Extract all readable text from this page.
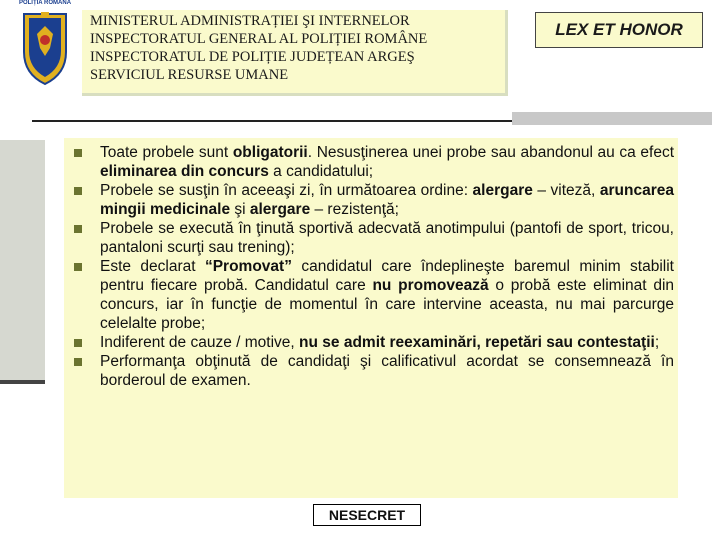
POLIȚIA ROMÂNĂ
MINISTERUL ADMINISTRAȚIEI ŞI INTERNELOR
INSPECTORATUL GENERAL AL POLIȚIEI ROMÂNE
INSPECTORATUL DE POLIȚIE JUDEȚEAN ARGEŞ
SERVICIUL RESURSE UMANE
LEX ET HONOR
Toate probele sunt obligatorii. Nesusţinerea unei probe sau abandonul au ca efect eliminarea din concurs a candidatului;
Probele se susţin în aceeaşi zi, în următoarea ordine: alergare – viteză, aruncarea mingii medicinale şi alergare – rezistenţă;
Probele se execută în ţinută sportivă adecvată anotimpului (pantofi de sport, tricou, pantaloni scurţi sau trening);
Este declarat “Promovat” candidatul care îndeplineşte baremul minim stabilit pentru fiecare probă. Candidatul care nu promovează o probă este eliminat din concurs, iar în funcţie de momentul în care intervine aceasta, nu mai parcurge celelalte probe;
Indiferent de cauze / motive, nu se admit reexaminări, repetări sau contestaţii;
Performanţa obţinută de candidaţi şi calificativul acordat se consemnează în borderoul de examen.
NESECRET
